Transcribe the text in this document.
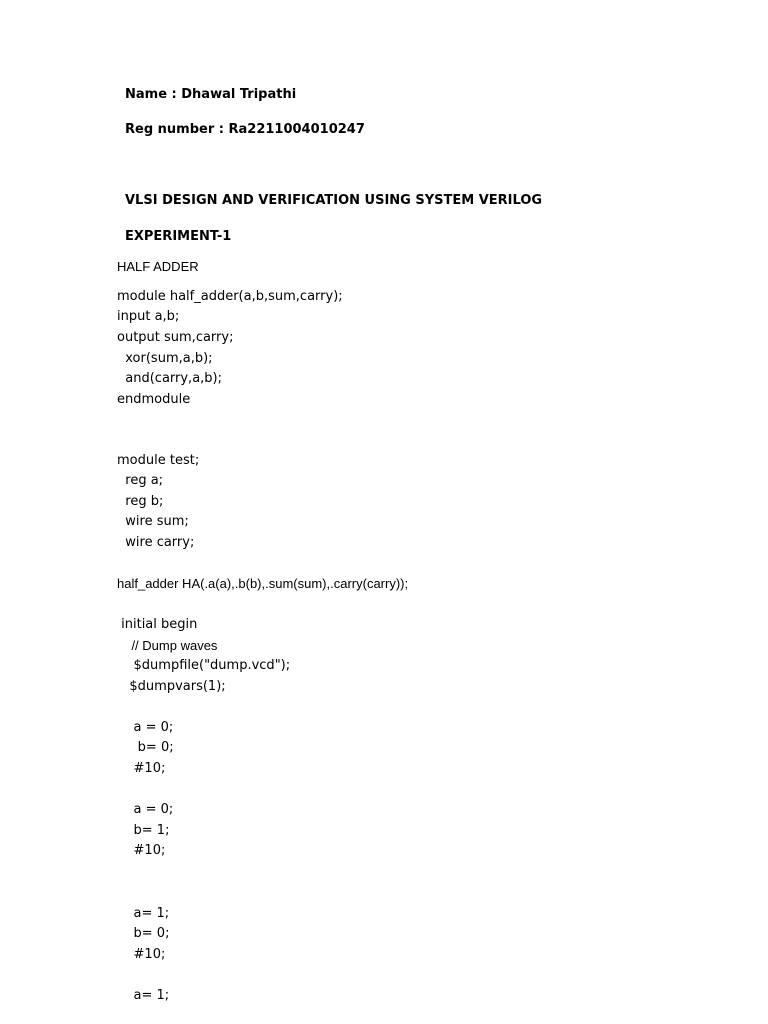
Name : Dhawal Tripathi
Reg number : Ra2211004010247
VLSI DESIGN AND VERIFICATION USING SYSTEM VERILOG
EXPERIMENT-1
HALF ADDER
module half_adder(a,b,sum,carry);
input a,b;
output sum,carry;
xor(sum,a,b);
and(carry,a,b);
endmodule
module test;
reg a;
reg b;
wire sum;
wire carry;
half_adder HA(.a(a),.b(b),.sum(sum),.carry(carry));
initial begin
// Dump waves
$dumpfile("dump.vcd");
$dumpvars(1);
a = 0;
b= 0;
#10;
a = 0;
b= 1;
#10;
a= 1;
b= 0;
#10;
a= 1;
